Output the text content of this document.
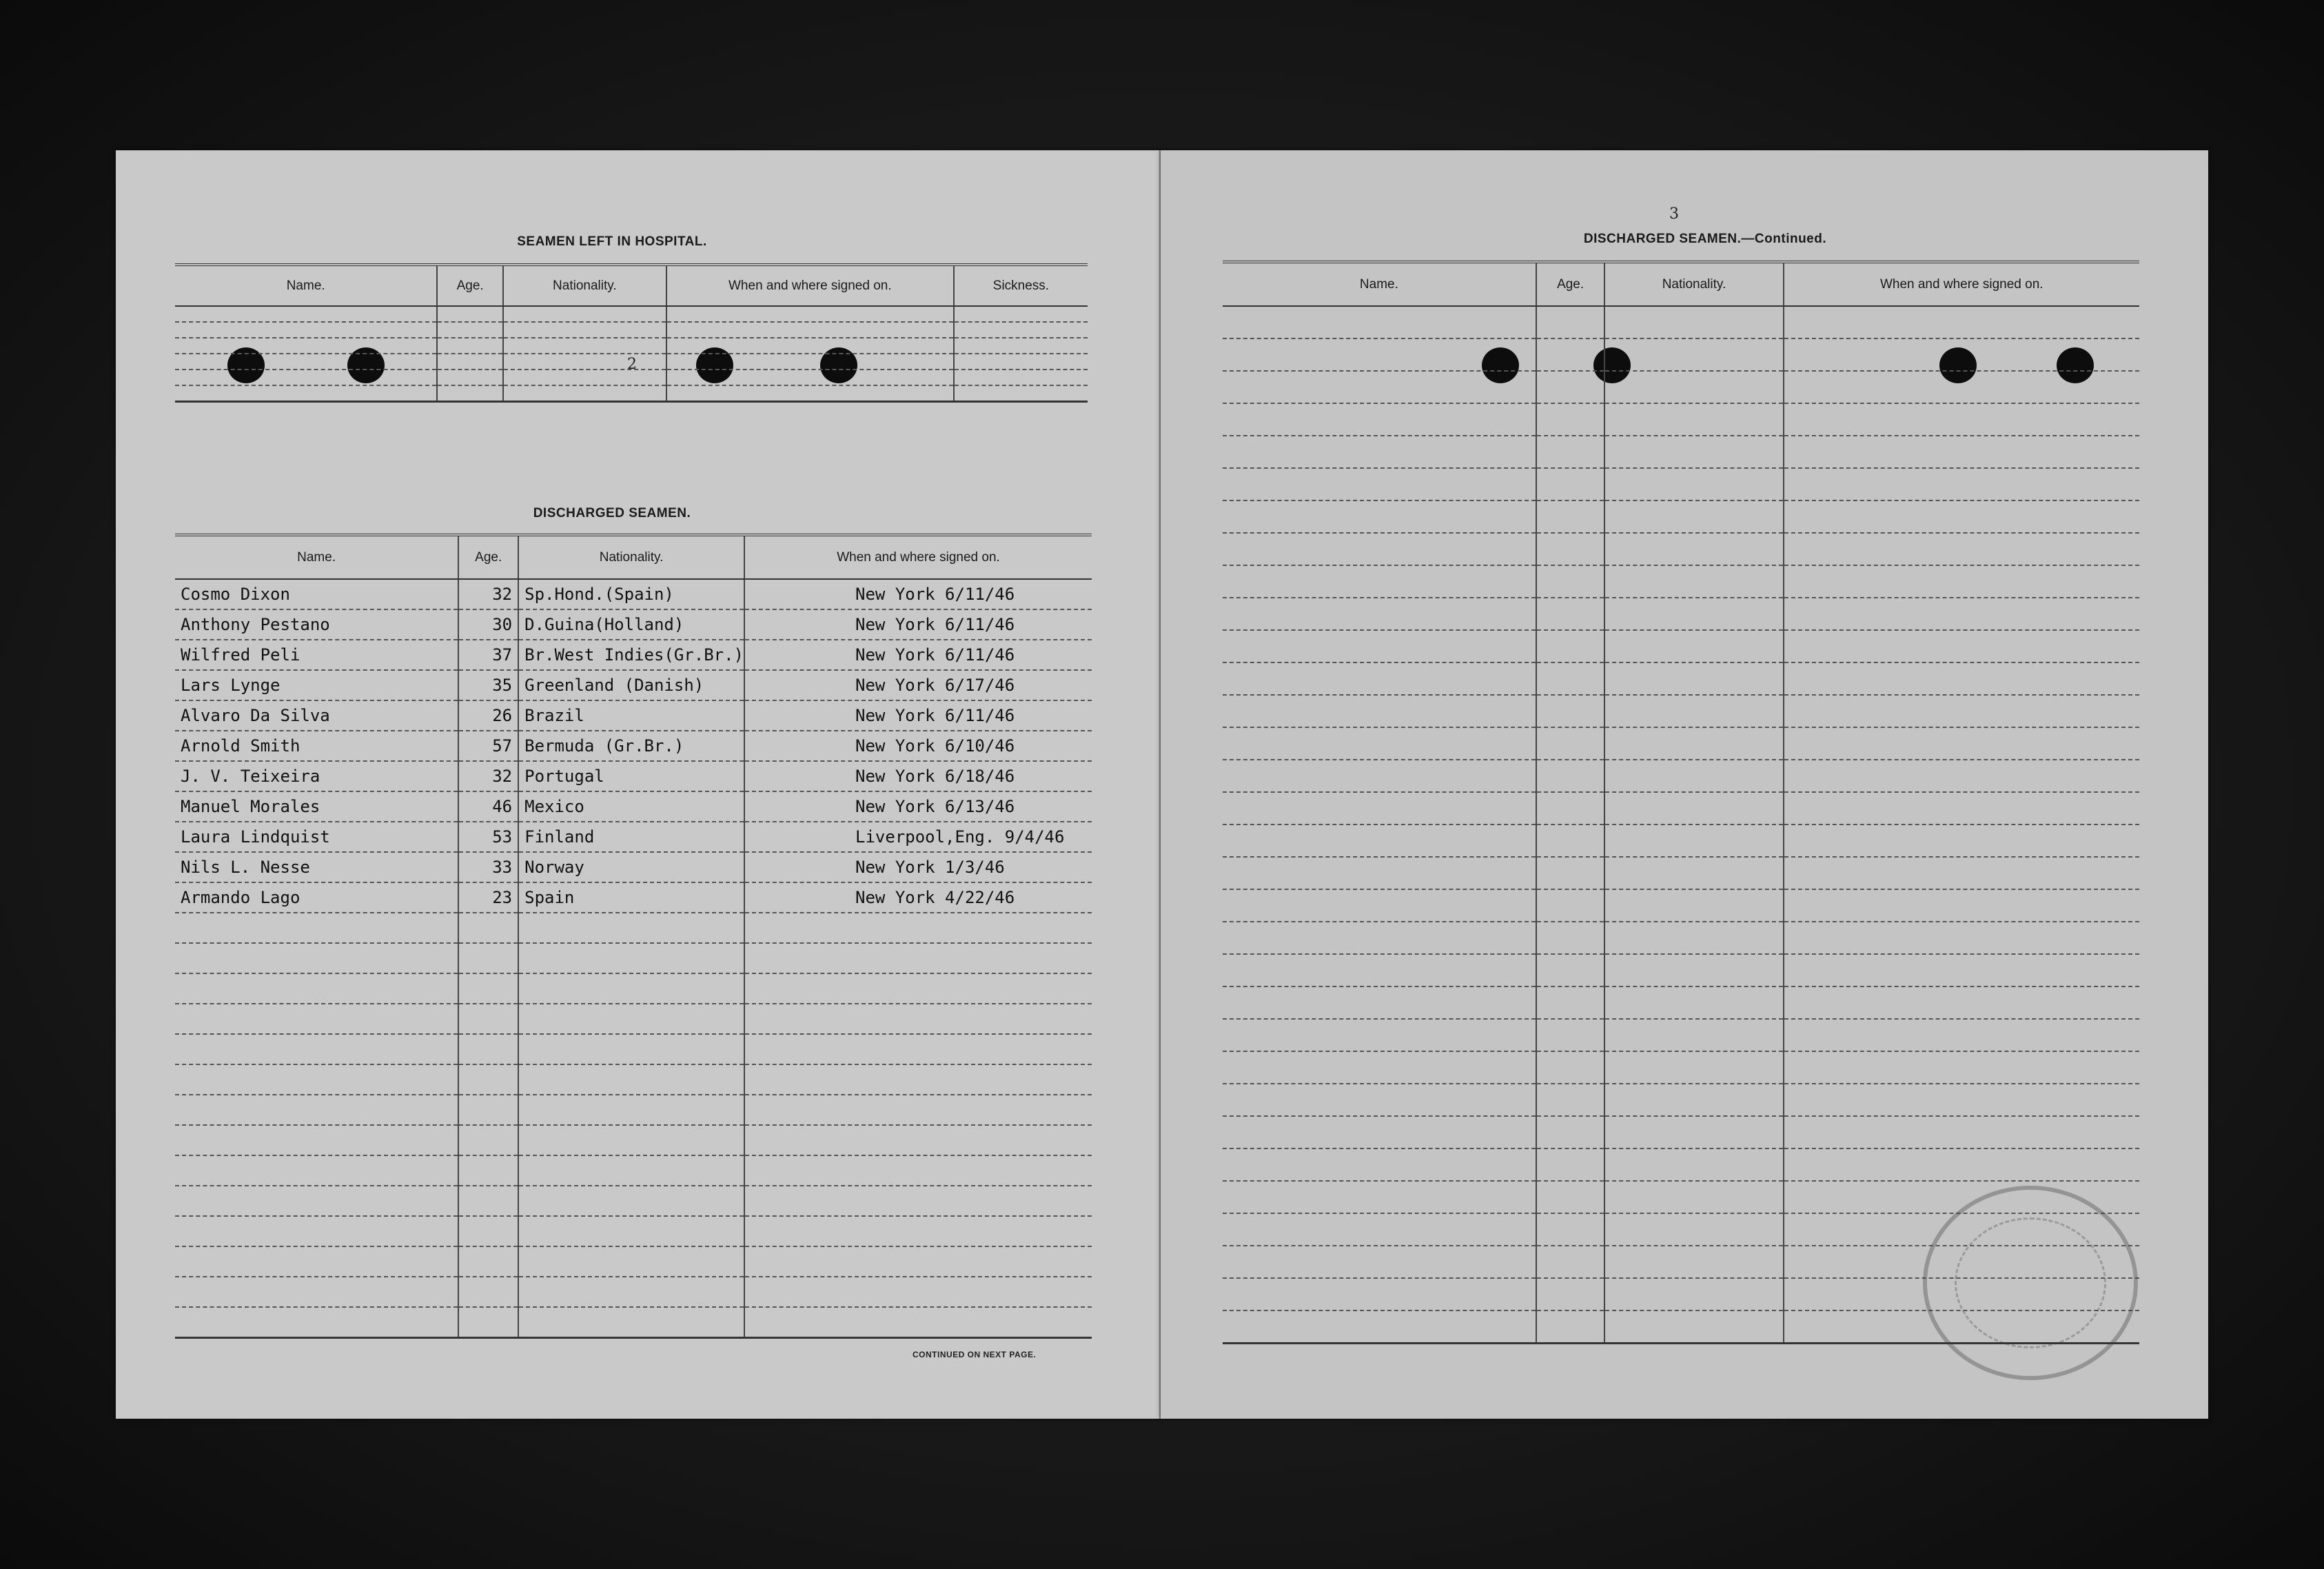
2
SEAMEN LEFT IN HOSPITAL.
Name.	Age.	Nationality.	When and where signed on.	Sickness.

DISCHARGED SEAMEN.
Name.	Age.	Nationality.	When and where signed on.
Cosmo Dixon	32	Sp.Hond.(Spain)	New York 6/11/46
Anthony Pestano	30	D.Guina(Holland)	New York 6/11/46
Wilfred Peli	37	Br.West Indies(Gr.Br.)	New York 6/11/46
Lars Lynge	35	Greenland (Danish)	New York 6/17/46
Alvaro Da Silva	26	Brazil	New York 6/11/46
Arnold Smith	57	Bermuda (Gr.Br.)	New York 6/10/46
J. V. Teixeira	32	Portugal	New York 6/18/46
Manuel Morales	46	Mexico	New York 6/13/46
Laura Lindquist	53	Finland	Liverpool,Eng. 9/4/46
Nils L. Nesse	33	Norway	New York 1/3/46
Armando Lago	23	Spain	New York 4/22/46

CONTINUED ON NEXT PAGE.
3
DISCHARGED SEAMEN.—Continued.
Name.	Age.	Nationality.	When and where signed on.
